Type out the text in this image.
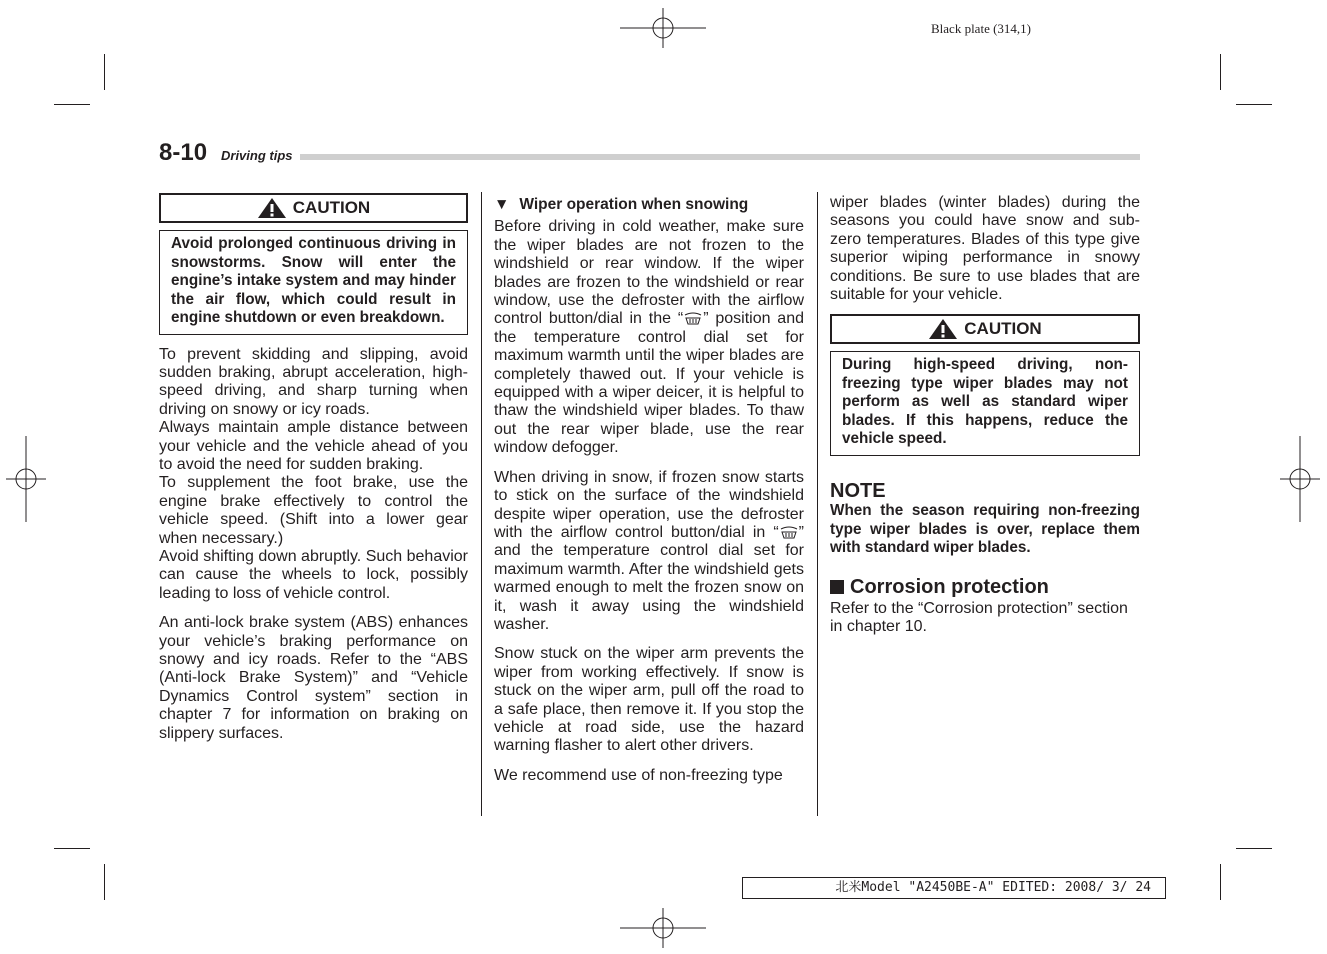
Black plate (314,1)
8-10 Driving tips
CAUTION
Avoid prolonged continuous driving in snowstorms. Snow will enter the engine’s intake system and may hinder the air flow, which could result in engine shutdown or even breakdown.

To prevent skidding and slipping, avoid sudden braking, abrupt acceleration, high-speed driving, and sharp turning when driving on snowy or icy roads.

Always maintain ample distance between your vehicle and the vehicle ahead of you to avoid the need for sudden braking.

To supplement the foot brake, use the engine brake effectively to control the vehicle speed. (Shift into a lower gear when necessary.)

Avoid shifting down abruptly. Such behavior can cause the wheels to lock, possibly leading to loss of vehicle control.

An anti-lock brake system (ABS) enhances your vehicle’s braking performance on snowy and icy roads. Refer to the “ABS (Anti-lock Brake System)” and “Vehicle Dynamics Control system” section in chapter 7 for information on braking on slippery surfaces.

▼ Wiper operation when snowing

Before driving in cold weather, make sure the wiper blades are not frozen to the windshield or rear window. If the wiper blades are frozen to the windshield or rear window, use the defroster with the airflow control button/dial in the “ ” position and the temperature control dial set for maximum warmth until the wiper blades are completely thawed out. If your vehicle is equipped with a wiper deicer, it is helpful to thaw the windshield wiper blades. To thaw out the rear wiper blade, use the rear window defogger.

When driving in snow, if frozen snow starts to stick on the surface of the windshield despite wiper operation, use the defroster with the airflow control button/dial in “ ” and the temperature control dial set for maximum warmth. After the windshield gets warmed enough to melt the frozen snow on it, wash it away using the windshield washer.

Snow stuck on the wiper arm prevents the wiper from working effectively. If snow is stuck on the wiper arm, pull off the road to a safe place, then remove it. If you stop the vehicle at road side, use the hazard warning flasher to alert other drivers.

We recommend use of non-freezing type

wiper blades (winter blades) during the seasons you could have snow and sub-zero temperatures. Blades of this type give superior wiping performance in snowy conditions. Be sure to use blades that are suitable for your vehicle.

CAUTION
During high-speed driving, non-freezing type wiper blades may not perform as well as standard wiper blades. If this happens, reduce the vehicle speed.
NOTE

When the season requiring non-freezing type wiper blades is over, replace them with standard wiper blades.

Corrosion protection

Refer to the “Corrosion protection” section in chapter 10.

北米Model "A2450BE-A" EDITED: 2008/ 3/ 24
